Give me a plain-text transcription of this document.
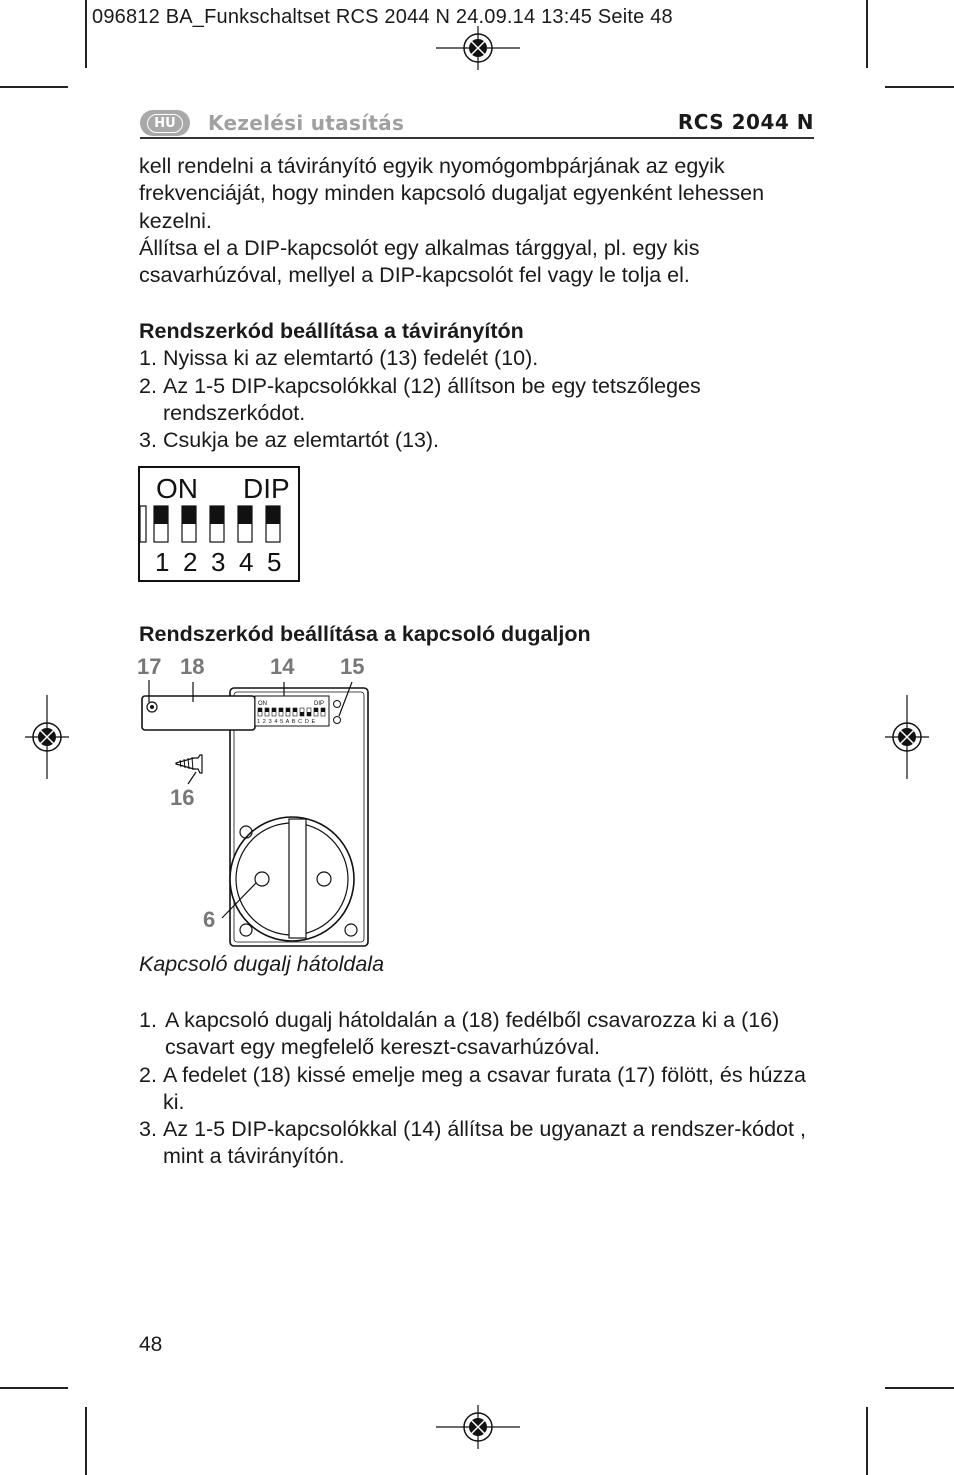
096812 BA_Funkschaltset RCS 2044 N 24.09.14 13:45 Seite 48
HU	Kezelési utasítás	RCS 2044 N

kell rendelni a távirányító egyik nyomógombpárjának az egyik frekvenciáját, hogy minden kapcsoló dugaljat egyenként lehessen kezelni.

Állítsa el a DIP-kapcsolót egy alkalmas tárggyal, pl. egy kis csavarhúzóval, mellyel a DIP-kapcsolót fel vagy le tolja el.

Rendszerkód beállítása a távirányítón

1. Nyissa ki az elemtartó (13) fedelét (10).
2. Az 1-5 DIP-kapcsolókkal (12) állítson be egy tetszőleges rendszerkódot.
3. Csukja be az elemtartót (13).
ON DIP
1 2 3 4 5
Rendszerkód beállítása a kapcsoló dugaljon
17 18	14 15
16
6
ON	DIP
1 2 3 4 5 A B C D E
Kapcsoló dugalj hátoldala
1. A kapcsoló dugalj hátoldalán a (18) fedélből csavarozza ki a (16) csavart egy megfelelő kereszt-csavarhúzóval.
2. A fedelet (18) kissé emelje meg a csavar furata (17) fölött, és húzza ki.
3. Az 1-5 DIP-kapcsolókkal (14) állítsa be ugyanazt a rendszer-kódot , mint a távirányítón.
48
